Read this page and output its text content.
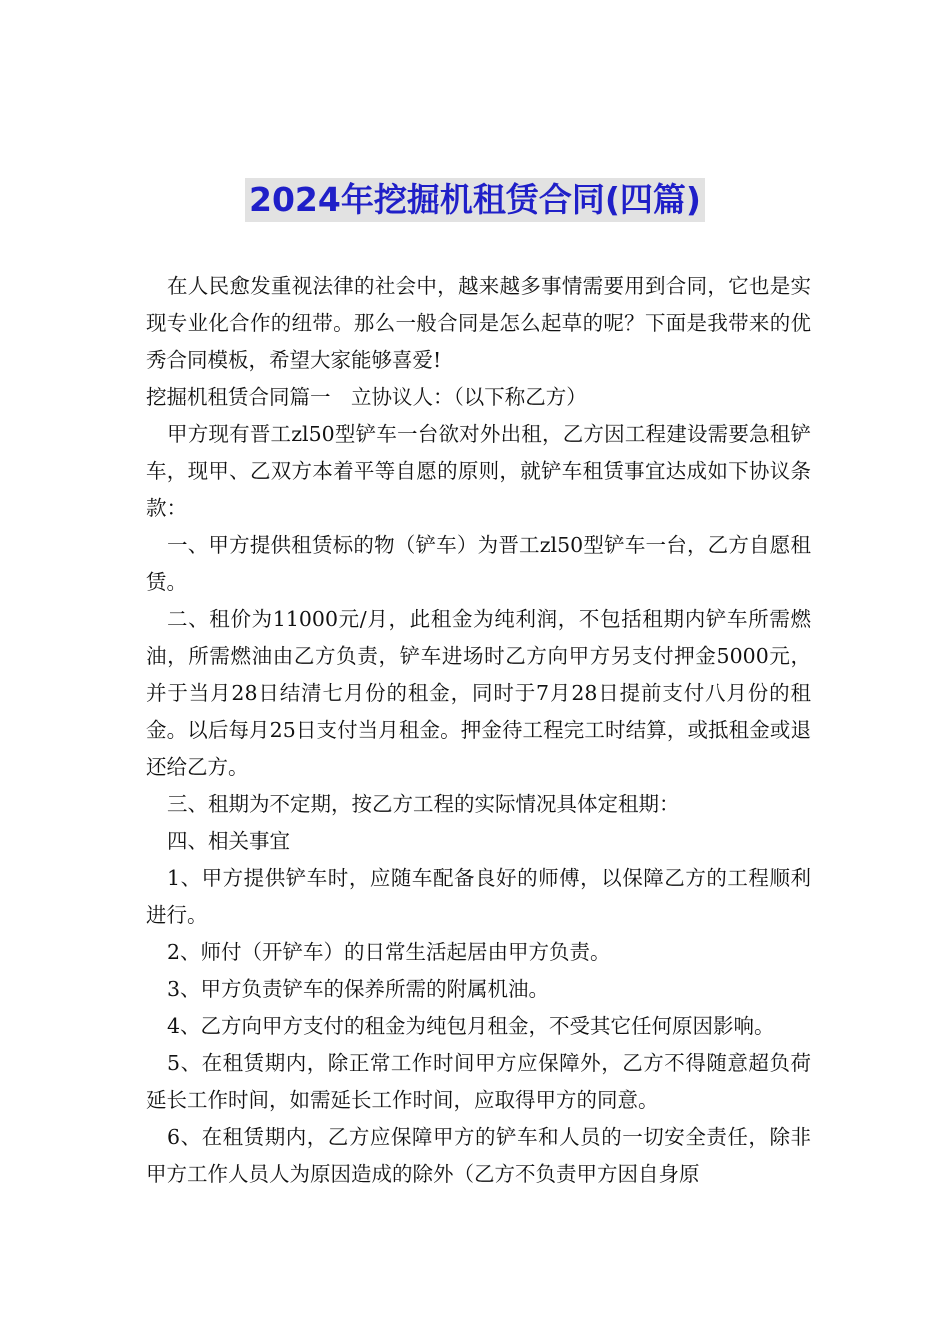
2024年挖掘机租赁合同(四篇)

在人民愈发重视法律的社会中，越来越多事情需要用到合同，它也是实现专业化合作的纽带。那么一般合同是怎么起草的呢？下面是我带来的优秀合同模板，希望大家能够喜爱!

挖掘机租赁合同篇一　立协议人：（以下称乙方）

甲方现有晋工zl50型铲车一台欲对外出租，乙方因工程建设需要急租铲车，现甲、乙双方本着平等自愿的原则，就铲车租赁事宜达成如下协议条款：

一、甲方提供租赁标的物（铲车）为晋工zl50型铲车一台，乙方自愿租赁。

二、租价为11000元/月，此租金为纯利润，不包括租期内铲车所需燃油，所需燃油由乙方负责，铲车进场时乙方向甲方另支付押金5000元，并于当月28日结清七月份的租金，同时于7月28日提前支付八月份的租金。以后每月25日支付当月租金。押金待工程完工时结算，或抵租金或退还给乙方。

三、租期为不定期，按乙方工程的实际情况具体定租期：

四、相关事宜

1、甲方提供铲车时，应随车配备良好的师傅，以保障乙方的工程顺利进行。

2、师付（开铲车）的日常生活起居由甲方负责。

3、甲方负责铲车的保养所需的附属机油。

4、乙方向甲方支付的租金为纯包月租金，不受其它任何原因影响。

5、在租赁期内，除正常工作时间甲方应保障外，乙方不得随意超负荷延长工作时间，如需延长工作时间，应取得甲方的同意。

6、在租赁期内，乙方应保障甲方的铲车和人员的一切安全责任，除非甲方工作人员人为原因造成的除外（乙方不负责甲方因自身原
